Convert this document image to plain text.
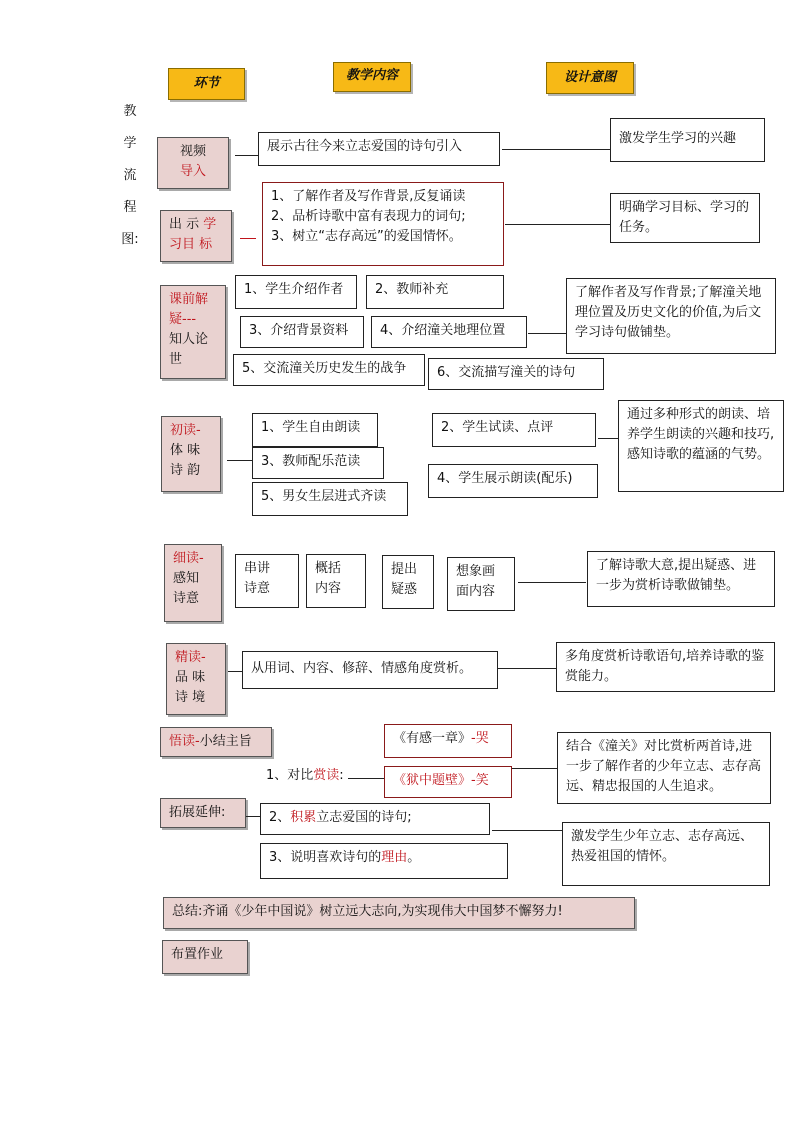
环节
教学内容	设计意图
教
学
流
程
图:
视频
导入
展示古往今来立志爱国的诗句引入
激发学生学习的兴趣
出 示 学
习目 标
1、了解作者及写作背景,反复诵读
2、品析诗歌中富有表现力的词句;
3、树立“志存高远”的爱国情怀。
明确学习目标、学习的任务。
课前解
疑---
知人论
世
1、学生介绍作者	2、教师补充
3、介绍背景资料	4、介绍潼关地理位置
5、交流潼关历史发生的战争	6、交流描写潼关的诗句
了解作者及写作背景;了解潼关地理位置及历史文化的价值,为后文学习诗句做铺垫。
初读-
体 味
诗 韵
1、学生自由朗读	2、学生试读、点评
3、教师配乐范读
4、学生展示朗读(配乐)
5、男女生层进式齐读
通过多种形式的朗读、培养学生朗读的兴趣和技巧,感知诗歌的蕴涵的气势。
细读-
感知
诗意
串讲
诗意
概括
内容
提出
疑惑
想象画
面内容
了解诗歌大意,提出疑惑、进一步为赏析诗歌做铺垫。
精读-
品 味
诗 境
从用词、内容、修辞、情感角度赏析。
多角度赏析诗歌语句,培养诗歌的鉴赏能力。
悟读-小结主旨	《有感一章》-哭
1、对比赏读:	《狱中题壁》-笑
结合《潼关》对比赏析两首诗,进一步了解作者的少年立志、志存高远、精忠报国的人生追求。
拓展延伸:	2、积累立志爱国的诗句;
3、说明喜欢诗句的理由。
激发学生少年立志、志存高远、热爱祖国的情怀。
总结:齐诵《少年中国说》树立远大志向,为实现伟大中国梦不懈努力!
布置作业
